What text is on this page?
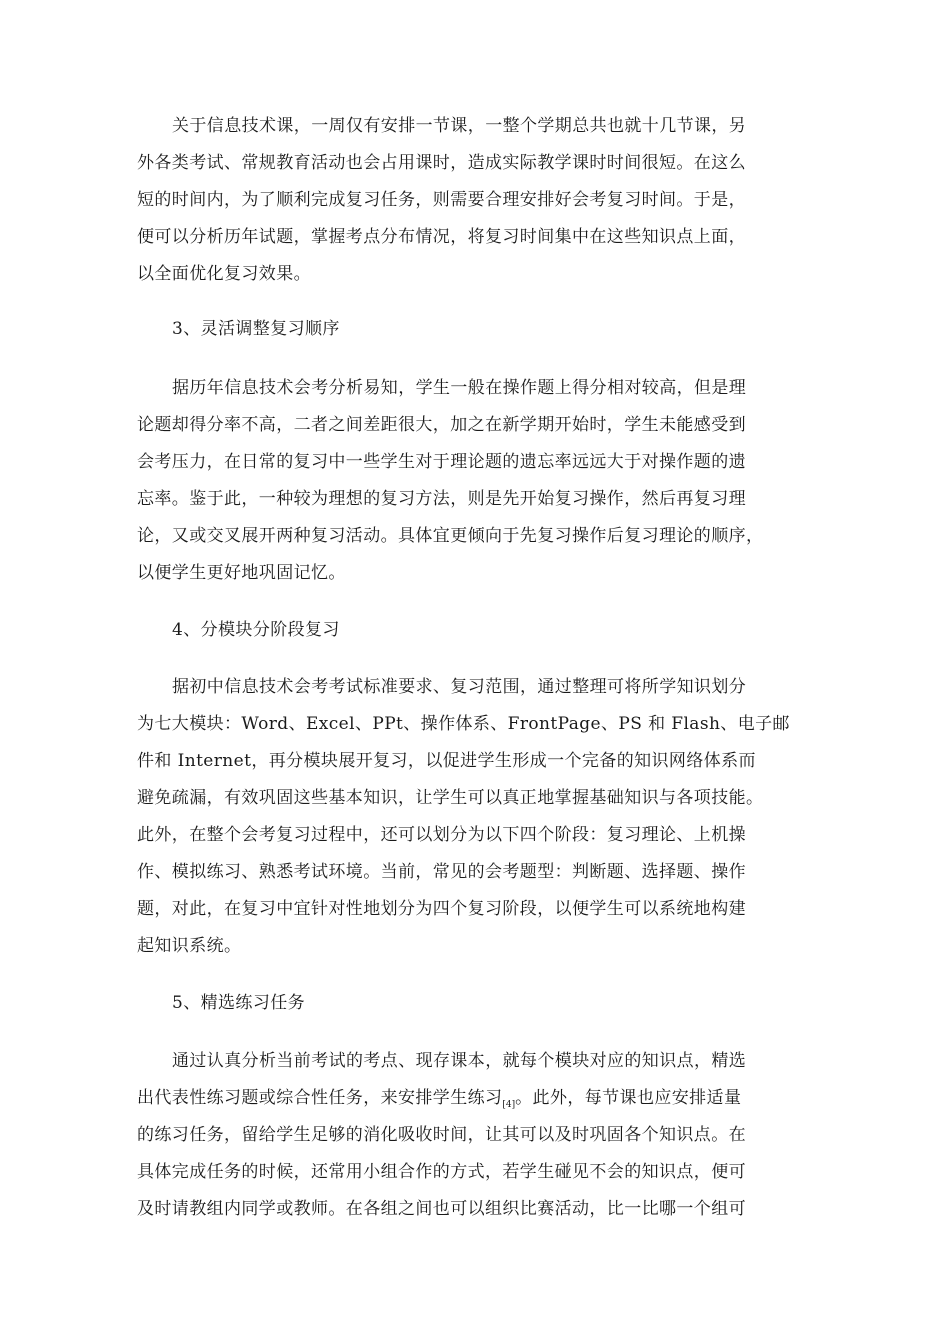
关于信息技术课，一周仅有安排一节课，一整个学期总共也就十几节课，另
外各类考试、常规教育活动也会占用课时，造成实际教学课时时间很短。在这么
短的时间内，为了顺利完成复习任务，则需要合理安排好会考复习时间。于是，
便可以分析历年试题，掌握考点分布情况，将复习时间集中在这些知识点上面，
以全面优化复习效果。
3、灵活调整复习顺序
据历年信息技术会考分析易知，学生一般在操作题上得分相对较高，但是理
论题却得分率不高，二者之间差距很大，加之在新学期开始时，学生未能感受到
会考压力，在日常的复习中一些学生对于理论题的遗忘率远远大于对操作题的遗
忘率。鉴于此，一种较为理想的复习方法，则是先开始复习操作，然后再复习理
论，又或交叉展开两种复习活动。具体宜更倾向于先复习操作后复习理论的顺序，
以便学生更好地巩固记忆。
4、分模块分阶段复习
据初中信息技术会考考试标准要求、复习范围，通过整理可将所学知识划分
为七大模块：Word、Excel、PPt、操作体系、FrontPage、PS 和 Flash、电子邮
件和 Internet，再分模块展开复习，以促进学生形成一个完备的知识网络体系而
避免疏漏，有效巩固这些基本知识，让学生可以真正地掌握基础知识与各项技能。
此外，在整个会考复习过程中，还可以划分为以下四个阶段：复习理论、上机操
作、模拟练习、熟悉考试环境。当前，常见的会考题型：判断题、选择题、操作
题，对此，在复习中宜针对性地划分为四个复习阶段，以便学生可以系统地构建
起知识系统。
5、精选练习任务
通过认真分析当前考试的考点、现存课本，就每个模块对应的知识点，精选
出代表性练习题或综合性任务，来安排学生练习$_{[4]}$。此外，每节课也应安排适量
的练习任务，留给学生足够的消化吸收时间，让其可以及时巩固各个知识点。在
具体完成任务的时候，还常用小组合作的方式，若学生碰见不会的知识点，便可
及时请教组内同学或教师。在各组之间也可以组织比赛活动，比一比哪一个组可
